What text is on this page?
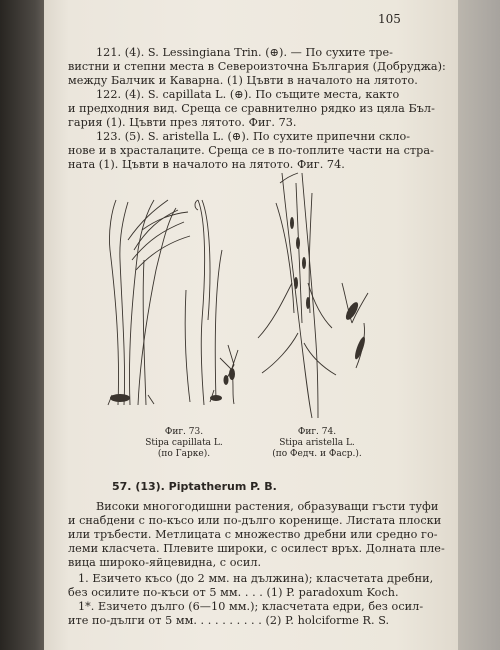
105
121. (4). S. Lessingiana Trin. (⊕). — По сухите тре-
вистни и степни места в Североизточна България (Добруджа):
между Балчик и Каварна. (1) Цъвти в началото на лятото.
122. (4). S. capillata L. (⊕). По същите места, както
и предходния вид. Среща се сравнително рядко из цяла Бъл-
гария (1). Цъвти през лятото. Фиг. 73.
123. (5). S. aristella L. (⊕). По сухите припечни скло-
нове и в храсталаците. Среща се в по-топлите части на стра-
ната (1). Цъвти в началото на лятото. Фиг. 74.
Фиг. 73.
Stipa capillata L.
(по Гарке).
Фиг. 74.
Stipa aristella L.
(по Федч. и Фаср.).
57. (13). Piptatherum P. B.
Високи многогодишни растения, образуващи гъсти туфи
и снабдени с по-късо или по-дълго коренище. Листата плоски
или тръбести. Метлицата с множество дребни или средно го-
леми класчета. Плевите широки, с осилест връх. Долната пле-
вица широко-яйцевидна, с осил.
1. Езичето късо (до 2 мм. на дължина); класчетата дребни,
без осилите по-къси от 5 мм. . . . (1) P. paradoxum Koch.
1*. Езичето дълго (6—10 мм.); класчетата едри, без осил-
ите по-дълги от 5 мм. . . . . . . . . . (2) P. holciforme R. S.
